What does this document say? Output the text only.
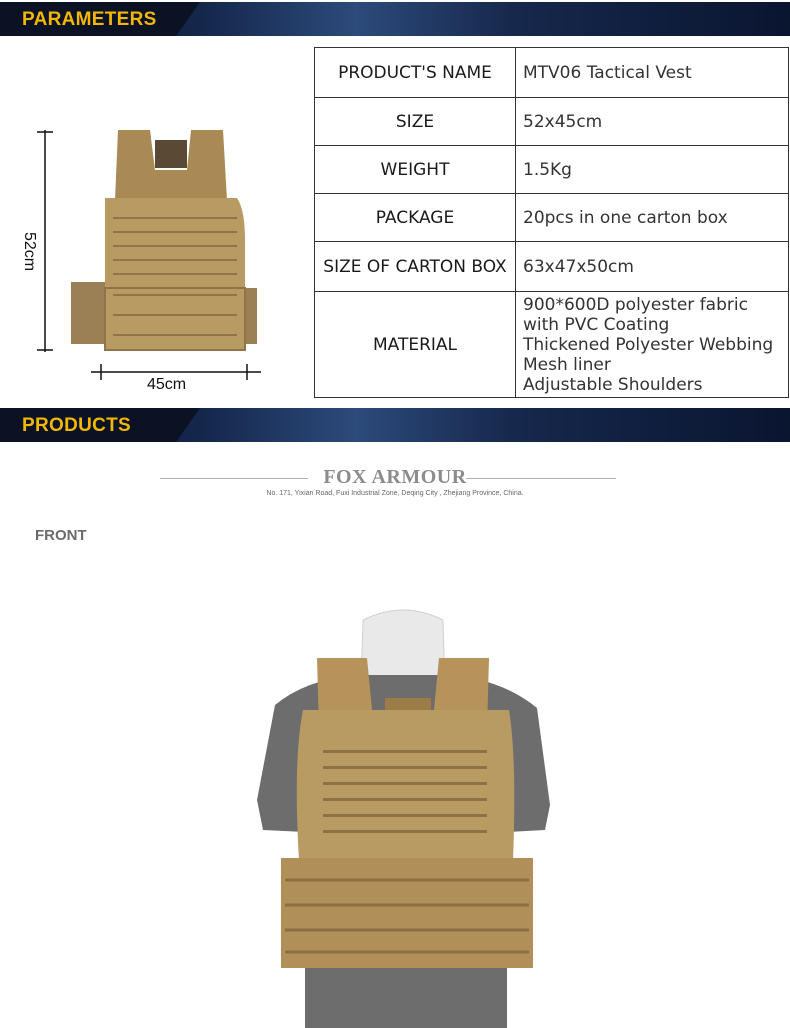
PARAMETERS
52cm
45cm
PRODUCT'S NAME	MTV06 Tactical Vest
SIZE	52x45cm
WEIGHT	1.5Kg
PACKAGE	20pcs in one carton box
SIZE OF CARTON BOX	63x47x50cm
MATERIAL	900*600D polyester fabric
with PVC Coating
Thickened Polyester Webbing
Mesh liner
Adjustable Shoulders
PRODUCTS
FOX ARMOUR
No. 171, Yixian Road, Fuxi Industrial Zone, Deqing City , Zhejiang Province, China.
FRONT
